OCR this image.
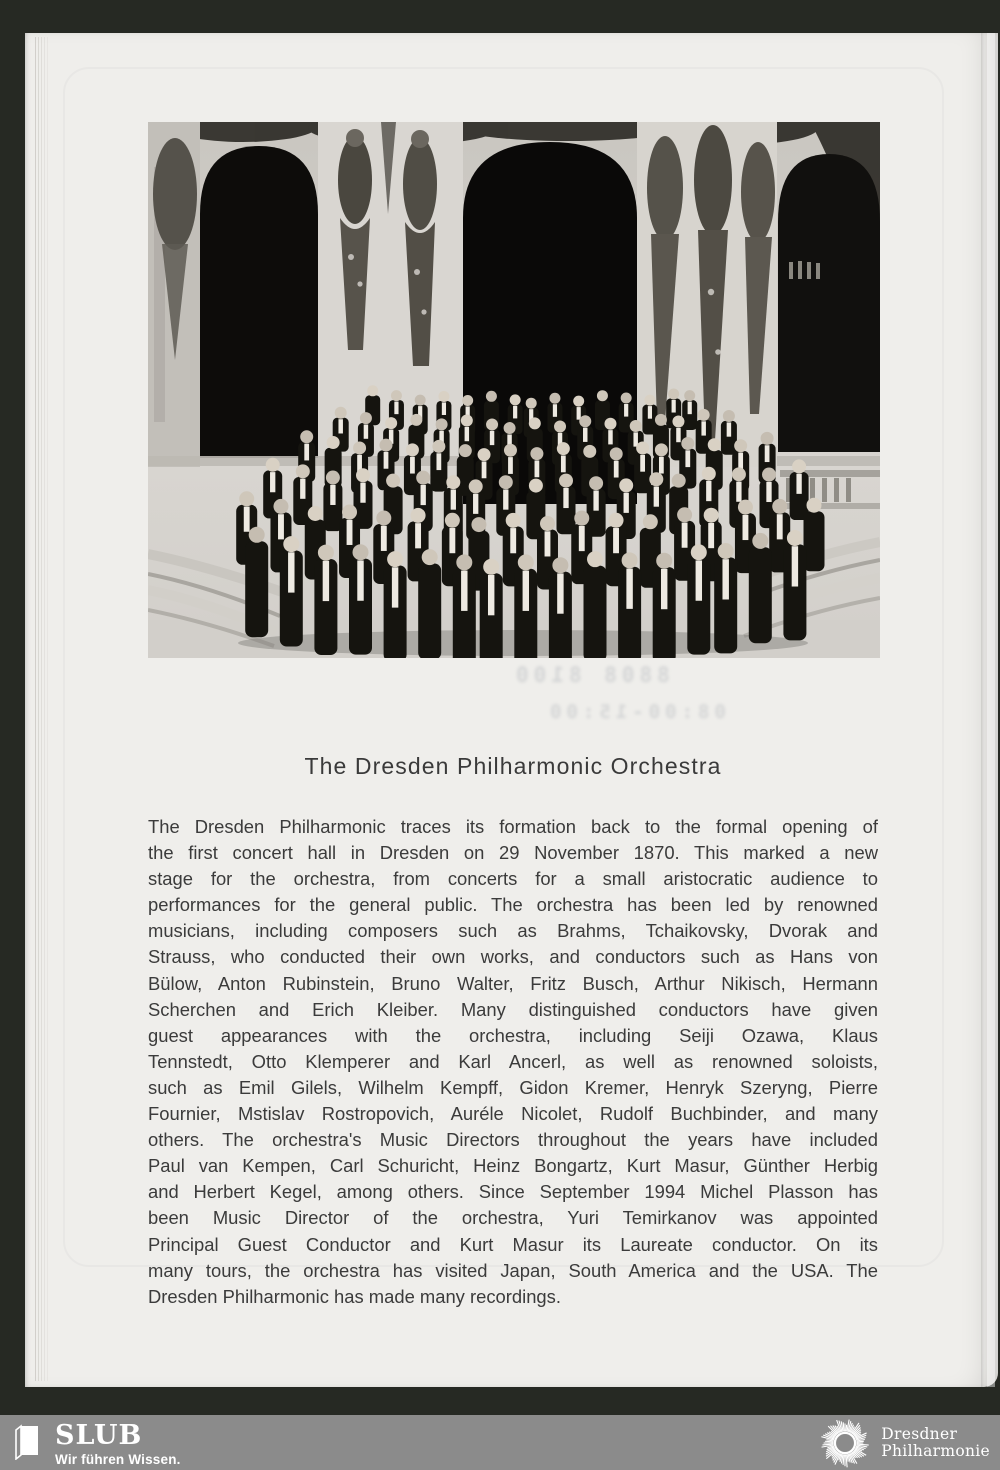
8808 8100
08:00-15:00
The Dresden Philharmonic Orchestra
The Dresden Philharmonic traces its formation back to the formal opening of
the first concert hall in Dresden on 29 November 1870. This marked a new
stage for the orchestra, from concerts for a small aristocratic audience to
performances for the general public. The orchestra has been led by renowned
musicians, including composers such as Brahms, Tchaikovsky, Dvorak and
Strauss, who conducted their own works, and conductors such as Hans von
Bülow, Anton Rubinstein, Bruno Walter, Fritz Busch, Arthur Nikisch, Hermann
Scherchen and Erich Kleiber. Many distinguished conductors have given
guest appearances with the orchestra, including Seiji Ozawa, Klaus
Tennstedt, Otto Klemperer and Karl Ancerl, as well as renowned soloists,
such as Emil Gilels, Wilhelm Kempff, Gidon Kremer, Henryk Szeryng, Pierre
Fournier, Mstislav Rostropovich, Auréle Nicolet, Rudolf Buchbinder, and many
others. The orchestra's Music Directors throughout the years have included
Paul van Kempen, Carl Schuricht, Heinz Bongartz, Kurt Masur, Günther Herbig
and Herbert Kegel, among others. Since September 1994 Michel Plasson has
been Music Director of the orchestra, Yuri Temirkanov was appointed
Principal Guest Conductor and Kurt Masur its Laureate conductor. On its
many tours, the orchestra has visited Japan, South America and the USA. The
Dresden Philharmonic has made many recordings.
SLUB
Wir führen Wissen.
Dresdner
Philharmonie
